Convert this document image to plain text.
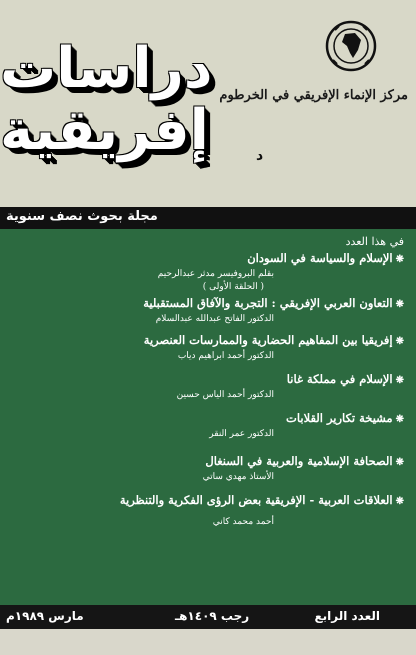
مركز الإنماء الإفريقي في الخرطوم
دراسات
إفريقية	د
مجلة بحوث نصف سنوية

في هذا العدد

❋الإسلام والسياسة في السودان
بقلم البروفيسر مدثر عبدالرحيم
( الحلقة الأولى )
❋التعاون العربي الإفريقي : التجربة والآفاق المستقبلية
الدكتور الفاتح عبدالله عبدالسلام
❋إفريقيا بين المفاهيم الحضارية والممارسات العنصرية
الدكتور أحمد ابراهيم دياب
❋الإسلام في مملكة غانا
الدكتور أحمد الياس حسين
❋مشيخة تكارير القلابات
الدكتور عمر النقر
❋الصحافة الإسلامية والعربية في السنغال
الأستاذ مهدي ساتي
❋العلاقات العربية - الإفريقية بعض الرؤى الفكرية والتنظرية
أحمد محمد كاني
العدد الرابع
رجب ١٤٠٩هـ
مارس ١٩٨٩م
